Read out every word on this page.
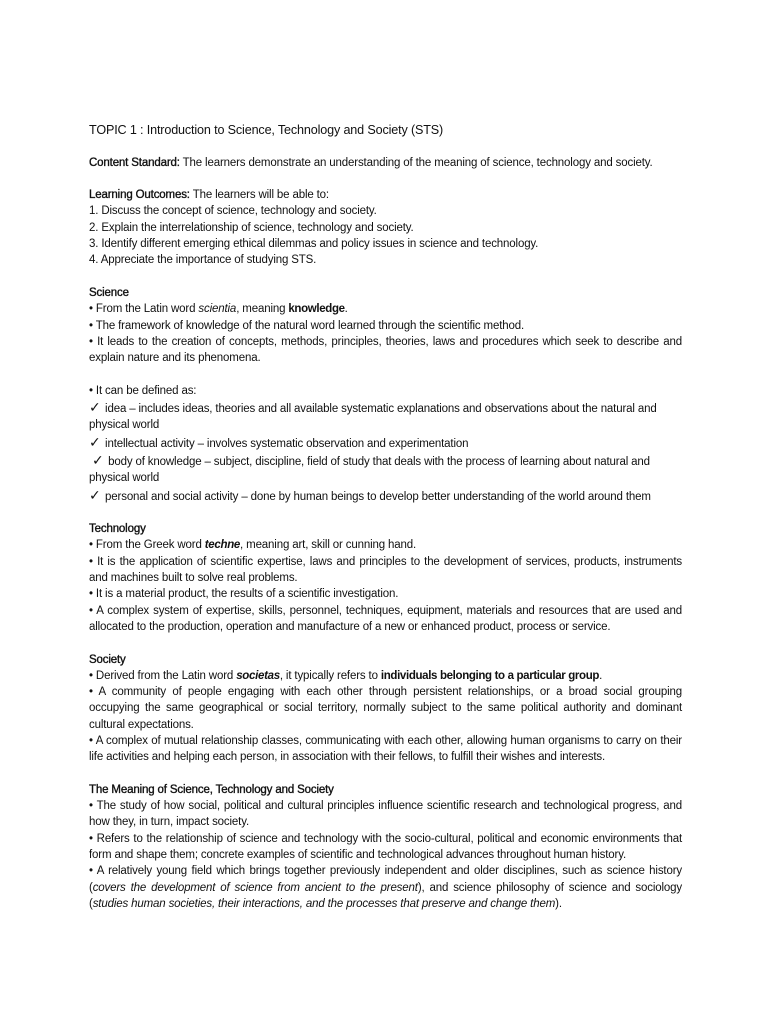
TOPIC 1 : Introduction to Science, Technology and Society (STS)

Content Standard: The learners demonstrate an understanding of the meaning of science, technology and society.

Learning Outcomes: The learners will be able to:

1. Discuss the concept of science, technology and society.

2. Explain the interrelationship of science, technology and society.

3. Identify different emerging ethical dilemmas and policy issues in science and technology.

4. Appreciate the importance of studying STS.

Science

• From the Latin word scientia, meaning knowledge.

• The framework of knowledge of the natural word learned through the scientific method.

• It leads to the creation of concepts, methods, principles, theories, laws and procedures which seek to describe and explain nature and its phenomena.

• It can be defined as:

✓ idea – includes ideas, theories and all available systematic explanations and observations about the natural and physical world

✓ intellectual activity – involves systematic observation and experimentation

✓ body of knowledge – subject, discipline, field of study that deals with the process of learning about natural and physical world

✓ personal and social activity – done by human beings to develop better understanding of the world around them

Technology

• From the Greek word techne, meaning art, skill or cunning hand.

• It is the application of scientific expertise, laws and principles to the development of services, products, instruments and machines built to solve real problems.

• It is a material product, the results of a scientific investigation.

• A complex system of expertise, skills, personnel, techniques, equipment, materials and resources that are used and allocated to the production, operation and manufacture of a new or enhanced product, process or service.

Society

• Derived from the Latin word societas, it typically refers to individuals belonging to a particular group.

• A community of people engaging with each other through persistent relationships, or a broad social grouping occupying the same geographical or social territory, normally subject to the same political authority and dominant cultural expectations.

• A complex of mutual relationship classes, communicating with each other, allowing human organisms to carry on their life activities and helping each person, in association with their fellows, to fulfill their wishes and interests.

The Meaning of Science, Technology and Society

• The study of how social, political and cultural principles influence scientific research and technological progress, and how they, in turn, impact society.

• Refers to the relationship of science and technology with the socio-cultural, political and economic environments that form and shape them; concrete examples of scientific and technological advances throughout human history.

• A relatively young field which brings together previously independent and older disciplines, such as science history (covers the development of science from ancient to the present), and science philosophy of science and sociology (studies human societies, their interactions, and the processes that preserve and change them).
